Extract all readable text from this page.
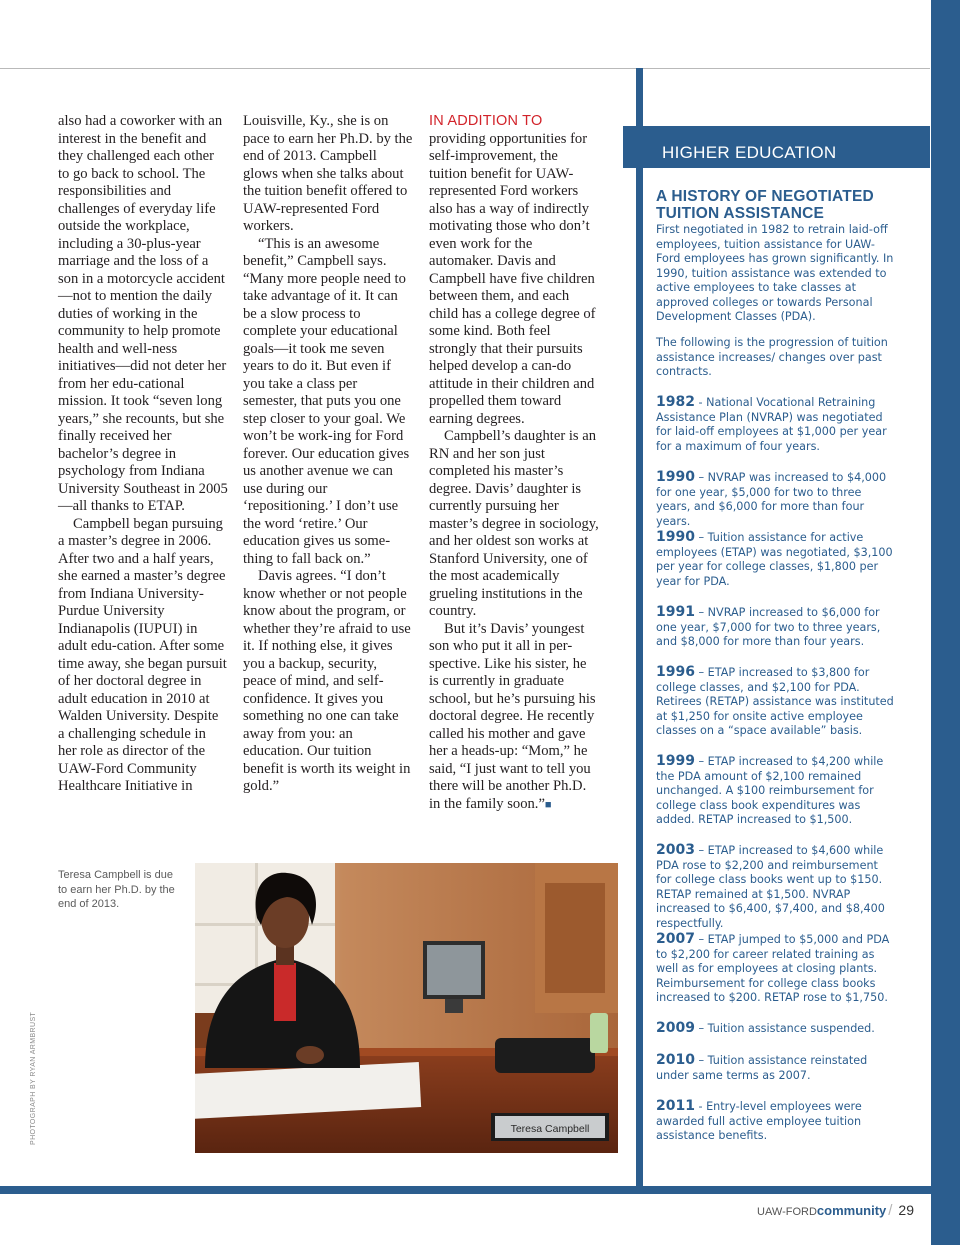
also had a coworker with an interest in the benefit and they challenged each other to go back to school. The responsibilities and challenges of everyday life outside the workplace, including a 30-plus-year marriage and the loss of a son in a motorcycle accident—not to mention the daily duties of working in the community to help promote health and well-ness initiatives—did not deter her from her edu-cational mission. It took “seven long years,” she recounts, but she finally received her bachelor’s degree in psychology from Indiana University Southeast in 2005—all thanks to ETAP.

Campbell began pursuing a master’s degree in 2006. After two and a half years, she earned a master’s degree from Indiana University-Purdue University Indianapolis (IUPUI) in adult edu-cation. After some time away, she began pursuit of her doctoral degree in adult education in 2010 at Walden University. Despite a challenging schedule in her role as director of the UAW-Ford Community Healthcare Initiative in

Louisville, Ky., she is on pace to earn her Ph.D. by the end of 2013. Campbell glows when she talks about the tuition benefit offered to UAW-represented Ford workers.

“This is an awesome benefit,” Campbell says. “Many more people need to take advantage of it. It can be a slow process to complete your educational goals—it took me seven years to do it. But even if you take a class per semester, that puts you one step closer to your goal. We won’t be work-ing for Ford forever. Our education gives us another avenue we can use during our ‘repositioning.’ I don’t use the word ‘retire.’ Our education gives us some-thing to fall back on.”

Davis agrees. “I don’t know whether or not people know about the program, or whether they’re afraid to use it. If nothing else, it gives you a backup, security, peace of mind, and self-confidence. It gives you something no one can take away from you: an education. Our tuition benefit is worth its weight in gold.”

IN ADDITION TO

providing opportunities for self-improvement, the tuition benefit for UAW-represented Ford workers also has a way of indirectly motivating those who don’t even work for the automaker. Davis and Campbell have five children between them, and each child has a college degree of some kind. Both feel strongly that their pursuits helped develop a can-do attitude in their children and propelled them toward earning degrees.

Campbell’s daughter is an RN and her son just completed his master’s degree. Davis’ daughter is currently pursuing her master’s degree in sociology, and her oldest son works at Stanford University, one of the most academically grueling institutions in the country.

But it’s Davis’ youngest son who put it all in per-spective. Like his sister, he is currently in graduate school, but he’s pursuing his doctoral degree. He recently called his mother and gave her a heads-up: “Mom,” he said, “I just want to tell you there will be another Ph.D. in the family soon.”■

Teresa Campbell
Teresa Campbell is due to earn her Ph.D. by the end of 2013.
PHOTOGRAPH BY RYAN ARMBRUST
HIGHER EDUCATION

A HISTORY OF NEGOTIATED TUITION ASSISTANCE

First negotiated in 1982 to retrain laid-off employees, tuition assistance for UAW- Ford employees has grown significantly. In 1990, tuition assistance was extended to active employees to take classes at approved colleges or towards Personal Development Classes (PDA).

The following is the progression of tuition assistance increases/ changes over past contracts.

1982 - National Vocational Retraining Assistance Plan (NVRAP) was negotiated for laid-off employees at $1,000 per year for a maximum of four years.

1990 – NVRAP was increased to $4,000 for one year, $5,000 for two to three years, and $6,000 for more than four years.

1990 – Tuition assistance for active employees (ETAP) was negotiated, $3,100 per year for college classes, $1,800 per year for PDA.

1991 – NVRAP increased to $6,000 for one year, $7,000 for two to three years, and $8,000 for more than four years.

1996 – ETAP increased to $3,800 for college classes, and $2,100 for PDA. Retirees (RETAP) assistance was instituted at $1,250 for onsite active employee classes on a “space available” basis.

1999 – ETAP increased to $4,200 while the PDA amount of $2,100 remained unchanged. A $100 reimbursement for college class book expenditures was added. RETAP increased to $1,500.

2003 – ETAP increased to $4,600 while PDA rose to $2,200 and reimbursement for college class books went up to $150. RETAP remained at $1,500. NVRAP increased to $6,400, $7,400, and $8,400 respectfully.

2007 – ETAP jumped to $5,000 and PDA to $2,200 for career related training as well as for employees at closing plants. Reimbursement for college class books increased to $200. RETAP rose to $1,750.

2009 – Tuition assistance suspended.

2010 – Tuition assistance reinstated under same terms as 2007.

2011 - Entry-level employees were awarded full active employee tuition assistance benefits.

UAW-FORDcommunity / 29
